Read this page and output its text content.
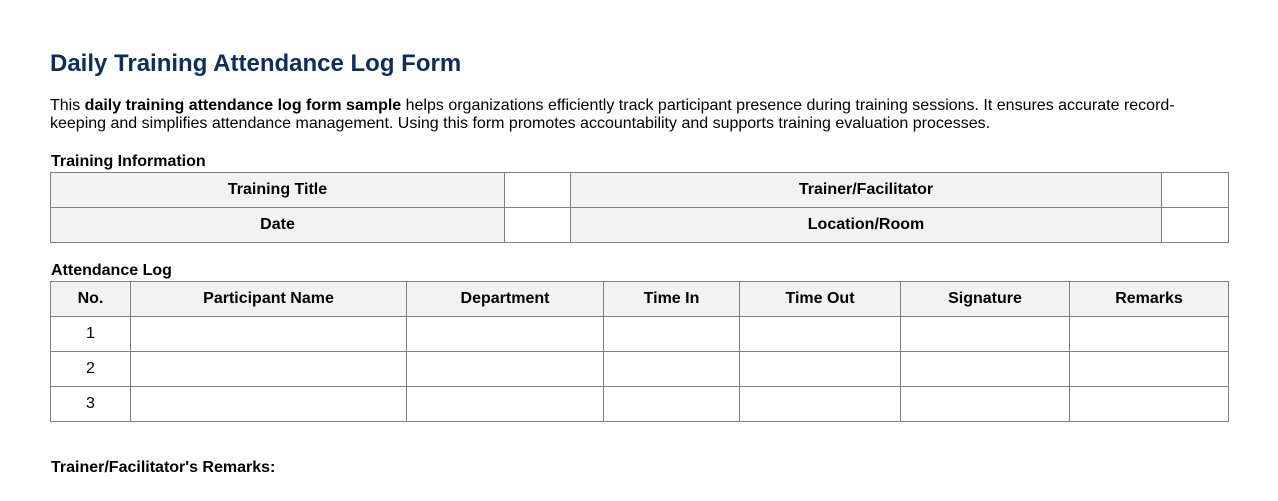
Daily Training Attendance Log Form

This daily training attendance log form sample helps organizations efficiently track participant presence during training sessions. It ensures accurate record-keeping and simplifies attendance management. Using this form promotes accountability and supports training evaluation processes.

Training Information
Training Title		Trainer/Facilitator	
Date		Location/Room	
Attendance Log
No.	Participant Name	Department	Time In	Time Out	Signature	Remarks
1						
2						
3						
Trainer/Facilitator's Remarks:
